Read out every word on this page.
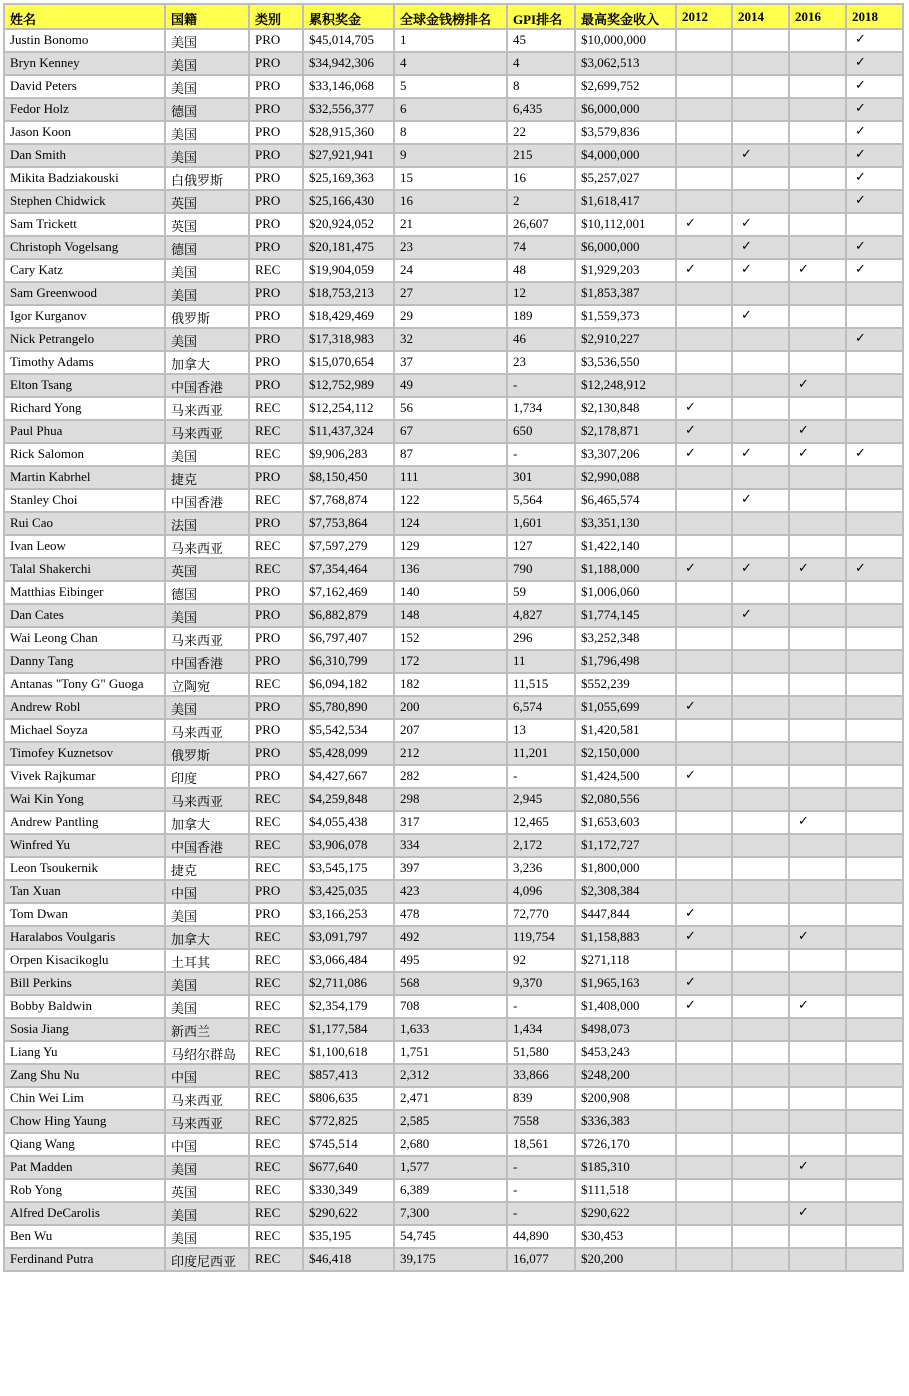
姓名	国籍	类别	累积奖金	全球金钱榜排名	GPI排名	最高奖金收入	2012	2014	2016	2018
Justin Bonomo	美国	PRO	$45,014,705	1	45	$10,000,000				✓
Bryn Kenney	美国	PRO	$34,942,306	4	4	$3,062,513				✓
David Peters	美国	PRO	$33,146,068	5	8	$2,699,752				✓
Fedor Holz	德国	PRO	$32,556,377	6	6,435	$6,000,000				✓
Jason Koon	美国	PRO	$28,915,360	8	22	$3,579,836				✓
Dan Smith	美国	PRO	$27,921,941	9	215	$4,000,000		✓		✓
Mikita Badziakouski	白俄罗斯	PRO	$25,169,363	15	16	$5,257,027				✓
Stephen Chidwick	英国	PRO	$25,166,430	16	2	$1,618,417				✓
Sam Trickett	英国	PRO	$20,924,052	21	26,607	$10,112,001	✓	✓		
Christoph Vogelsang	德国	PRO	$20,181,475	23	74	$6,000,000		✓		✓
Cary Katz	美国	REC	$19,904,059	24	48	$1,929,203	✓	✓	✓	✓
Sam Greenwood	美国	PRO	$18,753,213	27	12	$1,853,387				
Igor Kurganov	俄罗斯	PRO	$18,429,469	29	189	$1,559,373		✓		
Nick Petrangelo	美国	PRO	$17,318,983	32	46	$2,910,227				✓
Timothy Adams	加拿大	PRO	$15,070,654	37	23	$3,536,550				
Elton Tsang	中国香港	PRO	$12,752,989	49	-	$12,248,912			✓	
Richard Yong	马来西亚	REC	$12,254,112	56	1,734	$2,130,848	✓			
Paul Phua	马来西亚	REC	$11,437,324	67	650	$2,178,871	✓		✓	
Rick Salomon	美国	REC	$9,906,283	87	-	$3,307,206	✓	✓	✓	✓
Martin Kabrhel	捷克	PRO	$8,150,450	111	301	$2,990,088				
Stanley Choi	中国香港	REC	$7,768,874	122	5,564	$6,465,574		✓		
Rui Cao	法国	PRO	$7,753,864	124	1,601	$3,351,130				
Ivan Leow	马来西亚	REC	$7,597,279	129	127	$1,422,140				
Talal Shakerchi	英国	REC	$7,354,464	136	790	$1,188,000	✓	✓	✓	✓
Matthias Eibinger	德国	PRO	$7,162,469	140	59	$1,006,060				
Dan Cates	美国	PRO	$6,882,879	148	4,827	$1,774,145		✓		
Wai Leong Chan	马来西亚	PRO	$6,797,407	152	296	$3,252,348				
Danny Tang	中国香港	PRO	$6,310,799	172	11	$1,796,498				
Antanas "Tony G" Guoga	立陶宛	REC	$6,094,182	182	11,515	$552,239				
Andrew Robl	美国	PRO	$5,780,890	200	6,574	$1,055,699	✓			
Michael Soyza	马来西亚	PRO	$5,542,534	207	13	$1,420,581				
Timofey Kuznetsov	俄罗斯	PRO	$5,428,099	212	11,201	$2,150,000				
Vivek Rajkumar	印度	PRO	$4,427,667	282	-	$1,424,500	✓			
Wai Kin Yong	马来西亚	REC	$4,259,848	298	2,945	$2,080,556				
Andrew Pantling	加拿大	REC	$4,055,438	317	12,465	$1,653,603			✓	
Winfred Yu	中国香港	REC	$3,906,078	334	2,172	$1,172,727				
Leon Tsoukernik	捷克	REC	$3,545,175	397	3,236	$1,800,000				
Tan Xuan	中国	PRO	$3,425,035	423	4,096	$2,308,384				
Tom Dwan	美国	PRO	$3,166,253	478	72,770	$447,844	✓			
Haralabos Voulgaris	加拿大	REC	$3,091,797	492	119,754	$1,158,883	✓		✓	
Orpen Kisacikoglu	土耳其	REC	$3,066,484	495	92	$271,118				
Bill Perkins	美国	REC	$2,711,086	568	9,370	$1,965,163	✓			
Bobby Baldwin	美国	REC	$2,354,179	708	-	$1,408,000	✓		✓	
Sosia Jiang	新西兰	REC	$1,177,584	1,633	1,434	$498,073				
Liang Yu	马绍尔群岛	REC	$1,100,618	1,751	51,580	$453,243				
Zang Shu Nu	中国	REC	$857,413	2,312	33,866	$248,200				
Chin Wei Lim	马来西亚	REC	$806,635	2,471	839	$200,908				
Chow Hing Yaung	马来西亚	REC	$772,825	2,585	7558	$336,383				
Qiang Wang	中国	REC	$745,514	2,680	18,561	$726,170				
Pat Madden	美国	REC	$677,640	1,577	-	$185,310			✓	
Rob Yong	英国	REC	$330,349	6,389	-	$111,518				
Alfred DeCarolis	美国	REC	$290,622	7,300	-	$290,622			✓	
Ben Wu	美国	REC	$35,195	54,745	44,890	$30,453				
Ferdinand Putra	印度尼西亚	REC	$46,418	39,175	16,077	$20,200				
